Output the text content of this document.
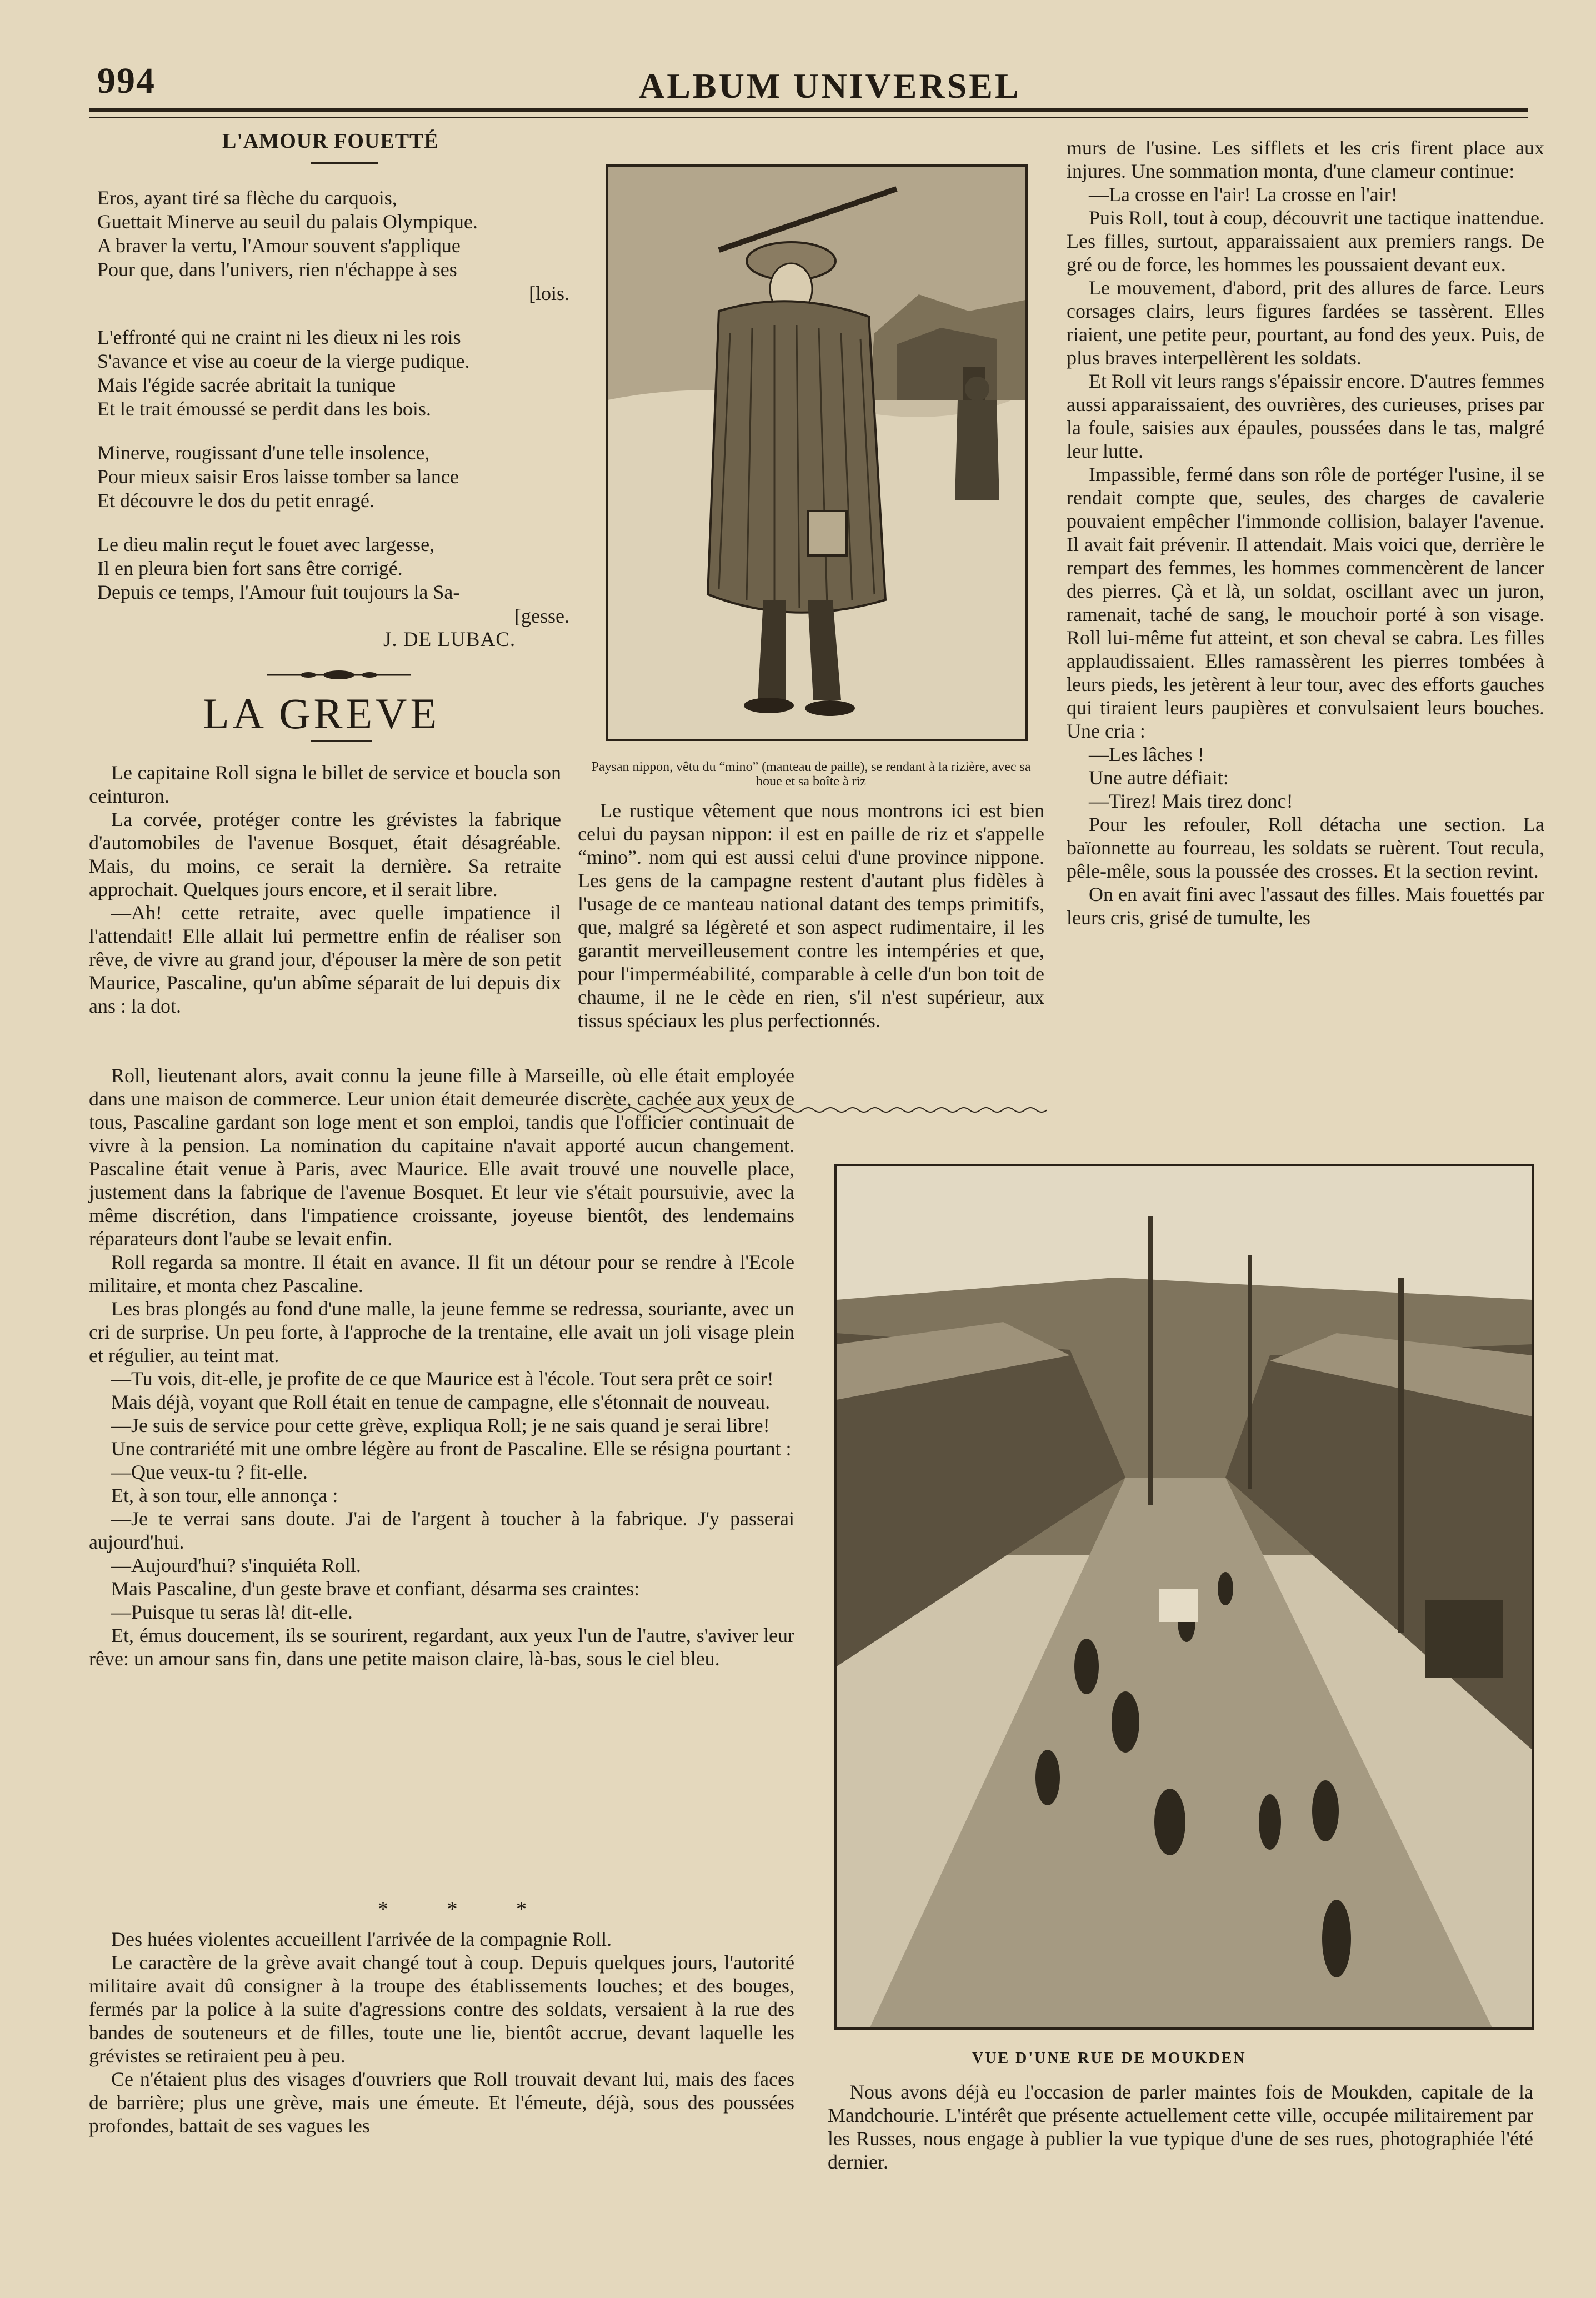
994	ALBUM UNIVERSEL
L'AMOUR FOUETTÉ
Eros, ayant tiré sa flèche du carquois,
Guettait Minerve au seuil du palais Olympique.
A braver la vertu, l'Amour souvent s'applique
Pour que, dans l'univers, rien n'échappe à ses
[lois.
L'effronté qui ne craint ni les dieux ni les rois
S'avance et vise au coeur de la vierge pudique.
Mais l'égide sacrée abritait la tunique
Et le trait émoussé se perdit dans les bois.
Minerve, rougissant d'une telle insolence,
Pour mieux saisir Eros laisse tomber sa lance
Et découvre le dos du petit enragé.
Le dieu malin reçut le fouet avec largesse,
Il en pleura bien fort sans être corrigé.
Depuis ce temps, l'Amour fuit toujours la Sa-
[gesse.
J. DE LUBAC.
LA GREVE

Le capitaine Roll signa le billet de service et boucla son ceinturon.

La corvée, protéger contre les grévistes la fabrique d'automobiles de l'avenue Bosquet, était désagréable. Mais, du moins, ce serait la dernière. Sa retraite approchait. Quelques jours encore, et il serait libre.

—Ah! cette retraite, avec quelle impatience il l'attendait! Elle allait lui permettre enfin de réaliser son rêve, de vivre au grand jour, d'épouser la mère de son petit Maurice, Pascaline, qu'un abîme séparait de lui depuis dix ans : la dot.

Roll, lieutenant alors, avait connu la jeune fille à Marseille, où elle était employée dans une maison de commerce. Leur union était demeurée discrète, cachée aux yeux de tous, Pascaline gardant son loge ment et son emploi, tandis que l'officier continuait de vivre à la pension. La nomination du capitaine n'avait apporté aucun changement. Pascaline était venue à Paris, avec Maurice. Elle avait trouvé une nouvelle place, justement dans la fabrique de l'avenue Bosquet. Et leur vie s'était poursuivie, avec la même discrétion, dans l'impatience croissante, joyeuse bientôt, des lendemains réparateurs dont l'aube se levait enfin.

Roll regarda sa montre. Il était en avance. Il fit un détour pour se rendre à l'Ecole militaire, et monta chez Pascaline.

Les bras plongés au fond d'une malle, la jeune femme se redressa, souriante, avec un cri de surprise. Un peu forte, à l'approche de la trentaine, elle avait un joli visage plein et régulier, au teint mat.

—Tu vois, dit-elle, je profite de ce que Maurice est à l'école. Tout sera prêt ce soir!

Mais déjà, voyant que Roll était en tenue de campagne, elle s'étonnait de nouveau.

—Je suis de service pour cette grève, expliqua Roll; je ne sais quand je serai libre!

Une contrariété mit une ombre légère au front de Pascaline. Elle se résigna pourtant :

—Que veux-tu ? fit-elle.

Et, à son tour, elle annonça :

—Je te verrai sans doute. J'ai de l'argent à toucher à la fabrique. J'y passerai aujourd'hui.

—Aujourd'hui? s'inquiéta Roll.

Mais Pascaline, d'un geste brave et confiant, désarma ses craintes:

—Puisque tu seras là! dit-elle.

Et, émus doucement, ils se sourirent, regardant, aux yeux l'un de l'autre, s'aviver leur rêve: un amour sans fin, dans une petite maison claire, là-bas, sous le ciel bleu.

* * *

Des huées violentes accueillent l'arrivée de la compagnie Roll.

Le caractère de la grève avait changé tout à coup. Depuis quelques jours, l'autorité militaire avait dû consigner à la troupe des établissements louches; et des bouges, fermés par la police à la suite d'agressions contre des soldats, versaient à la rue des bandes de souteneurs et de filles, toute une lie, bientôt accrue, devant laquelle les grévistes se retiraient peu à peu.

Ce n'étaient plus des visages d'ouvriers que Roll trouvait devant lui, mais des faces de barrière; plus une grève, mais une émeute. Et l'émeute, déjà, sous des poussées profondes, battait de ses vagues les

Paysan nippon, vêtu du “mino” (manteau de paille), se rendant à la rizière, avec sa houe et sa boîte à riz

Le rustique vêtement que nous montrons ici est bien celui du paysan nippon: il est en paille de riz et s'appelle “mino”. nom qui est aussi celui d'une province nippone. Les gens de la campagne restent d'autant plus fidèles à l'usage de ce manteau national datant des temps primitifs, que, malgré sa légèreté et son aspect rudimentaire, il les garantit merveilleusement contre les intempéries et que, pour l'imperméabilité, comparable à celle d'un bon toit de chaume, il ne le cède en rien, s'il n'est supérieur, aux tissus spéciaux les plus perfectionnés.

murs de l'usine. Les sifflets et les cris firent place aux injures. Une sommation monta, d'une clameur continue:

—La crosse en l'air! La crosse en l'air!

Puis Roll, tout à coup, découvrit une tactique inattendue. Les filles, surtout, apparaissaient aux premiers rangs. De gré ou de force, les hommes les poussaient devant eux.

Le mouvement, d'abord, prit des allures de farce. Leurs corsages clairs, leurs figures fardées se tassèrent. Elles riaient, une petite peur, pourtant, au fond des yeux. Puis, de plus braves interpellèrent les soldats.

Et Roll vit leurs rangs s'épaissir encore. D'autres femmes aussi apparaissaient, des ouvrières, des curieuses, prises par la foule, saisies aux épaules, poussées dans le tas, malgré leur lutte.

Impassible, fermé dans son rôle de portéger l'usine, il se rendait compte que, seules, des charges de cavalerie pouvaient empêcher l'immonde collision, balayer l'avenue. Il avait fait prévenir. Il attendait. Mais voici que, derrière le rempart des femmes, les hommes commencèrent de lancer des pierres. Çà et là, un soldat, oscillant avec un juron, ramenait, taché de sang, le mouchoir porté à son visage. Roll lui-même fut atteint, et son cheval se cabra. Les filles applaudissaient. Elles ramassèrent les pierres tombées à leurs pieds, les jetèrent à leur tour, avec des efforts gauches qui tiraient leurs paupières et convulsaient leurs bouches. Une cria :

—Les lâches !

Une autre défiait:

—Tirez! Mais tirez donc!

Pour les refouler, Roll détacha une section. La baïonnette au fourreau, les soldats se ruèrent. Tout recula, pêle-mêle, sous la poussée des crosses. Et la section revint.

On en avait fini avec l'assaut des filles. Mais fouettés par leurs cris, grisé de tumulte, les

VUE D'UNE RUE DE MOUKDEN

Nous avons déjà eu l'occasion de parler maintes fois de Moukden, capitale de la Mandchourie. L'intérêt que présente actuellement cette ville, occupée militairement par les Russes, nous engage à publier la vue typique d'une de ses rues, photographiée l'été dernier.
